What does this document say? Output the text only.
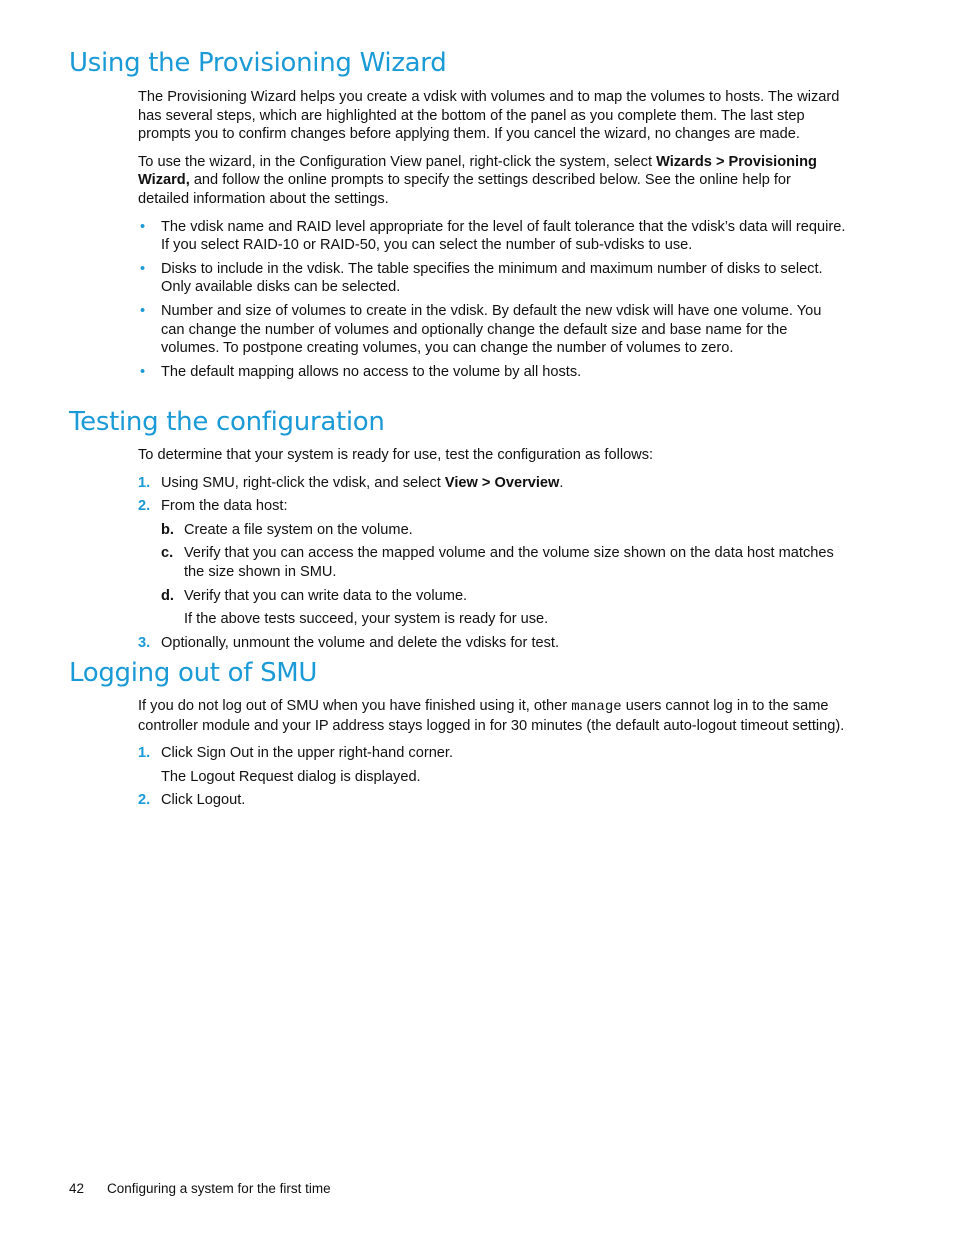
Using the Provisioning Wizard

The Provisioning Wizard helps you create a vdisk with volumes and to map the volumes to hosts. The wizard has several steps, which are highlighted at the bottom of the panel as you complete them. The last step prompts you to confirm changes before applying them. If you cancel the wizard, no changes are made.

To use the wizard, in the Configuration View panel, right-click the system, select Wizards > Provisioning Wizard, and follow the online prompts to specify the settings described below. See the online help for detailed information about the settings.

• The vdisk name and RAID level appropriate for the level of fault tolerance that the vdisk’s data will require. If you select RAID-10 or RAID-50, you can select the number of sub-vdisks to use.
• Disks to include in the vdisk. The table specifies the minimum and maximum number of disks to select. Only available disks can be selected.
• Number and size of volumes to create in the vdisk. By default the new vdisk will have one volume. You can change the number of volumes and optionally change the default size and base name for the volumes. To postpone creating volumes, you can change the number of volumes to zero.
• The default mapping allows no access to the volume by all hosts.
Testing the configuration

To determine that your system is ready for use, test the configuration as follows:

1. Using SMU, right-click the vdisk, and select View > Overview.
2. From the data host:
b. Create a file system on the volume.
c. Verify that you can access the mapped volume and the volume size shown on the data host matches the size shown in SMU.
d. Verify that you can write data to the volume.
If the above tests succeed, your system is ready for use.
3. Optionally, unmount the volume and delete the vdisks for test.
Logging out of SMU

If you do not log out of SMU when you have finished using it, other manage users cannot log in to the same controller module and your IP address stays logged in for 30 minutes (the default auto-logout timeout setting).

1. Click Sign Out in the upper right-hand corner.
The Logout Request dialog is displayed.
2. Click Logout.
42 Configuring a system for the first time
